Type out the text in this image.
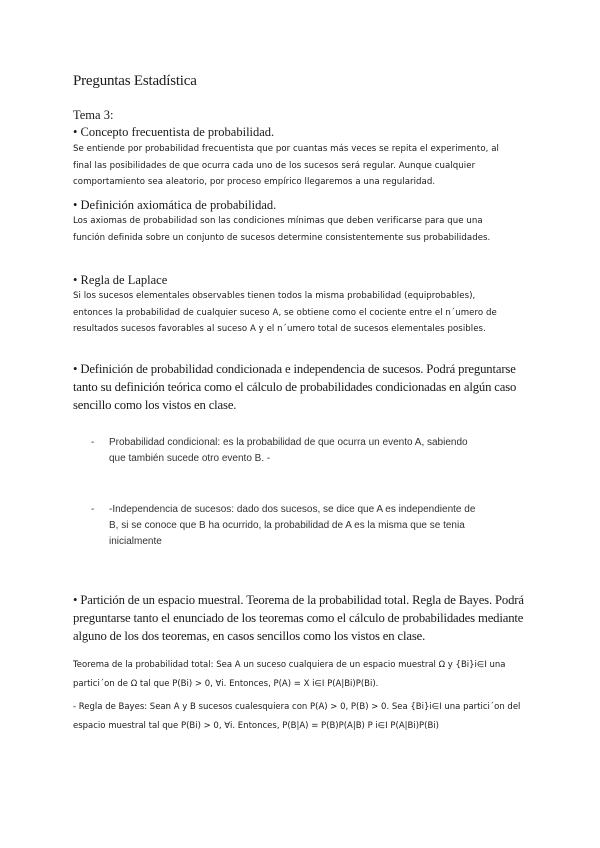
Preguntas Estadística
Tema 3:
• Concepto frecuentista de probabilidad.
Se entiende por probabilidad frecuentista que por cuantas más veces se repita el experimento, al
final las posibilidades de que ocurra cada uno de los sucesos será regular. Aunque cualquier
comportamiento sea aleatorio, por proceso empírico llegaremos a una regularidad.
• Definición axiomática de probabilidad.
Los axiomas de probabilidad son las condiciones mínimas que deben verificarse para que una
función definida sobre un conjunto de sucesos determine consistentemente sus probabilidades.
• Regla de Laplace
Si los sucesos elementales observables tienen todos la misma probabilidad (equiprobables),
entonces la probabilidad de cualquier suceso A, se obtiene como el cociente entre el n´umero de
resultados sucesos favorables al suceso A y el n´umero total de sucesos elementales posibles.
• Definición de probabilidad condicionada e independencia de sucesos. Podrá preguntarse
tanto su definición teórica como el cálculo de probabilidades condicionadas en algún caso
sencillo como los vistos en clase.
- Probabilidad condicional: es la probabilidad de que ocurra un evento A, sabiendo
que también sucede otro evento B. -
- -Independencia de sucesos: dado dos sucesos, se dice que A es independiente de
B, si se conoce que B ha ocurrido, la probabilidad de A es la misma que se tenia
inicialmente
• Partición de un espacio muestral. Teorema de la probabilidad total. Regla de Bayes. Podrá
preguntarse tanto el enunciado de los teoremas como el cálculo de probabilidades mediante
alguno de los dos teoremas, en casos sencillos como los vistos en clase.
Teorema de la probabilidad total: Sea A un suceso cualquiera de un espacio muestral Ω y {Bi}i∈I una
partici´on de Ω tal que P(Bi) > 0, ∀i. Entonces, P(A) = X i∈I P(A|Bi)P(Bi).
- Regla de Bayes: Sean A y B sucesos cualesquiera con P(A) > 0, P(B) > 0. Sea {Bi}i∈I una partici´on del
espacio muestral tal que P(Bi) > 0, ∀i. Entonces, P(B|A) = P(B)P(A|B) P i∈I P(A|Bi)P(Bi)
